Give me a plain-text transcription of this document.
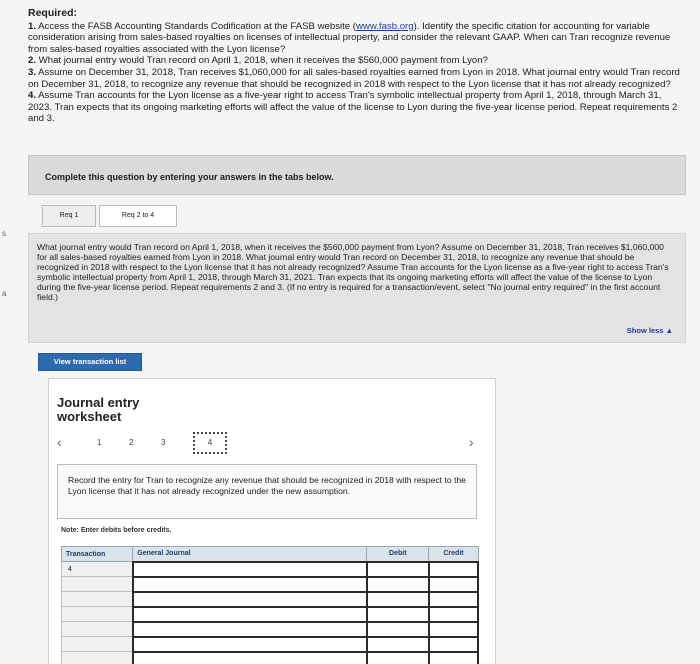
s
a
Required:
1. Access the FASB Accounting Standards Codification at the FASB website (www.fasb.org). Identify the specific citation for accounting for variable consideration arising from sales-based royalties on licenses of intellectual property, and consider the relevant GAAP. When can Tran recognize revenue from sales-based royalties associated with the Lyon license?
2. What journal entry would Tran record on April 1, 2018, when it receives the $560,000 payment from Lyon?
3. Assume on December 31, 2018, Tran receives $1,060,000 for all sales-based royalties earned from Lyon in 2018. What journal entry would Tran record on December 31, 2018, to recognize any revenue that should be recognized in 2018 with respect to the Lyon license that it has not already recognized?
4. Assume Tran accounts for the Lyon license as a five-year right to access Tran's symbolic intellectual property from April 1, 2018, through March 31, 2023. Tran expects that its ongoing marketing efforts will affect the value of the license to Lyon during the five-year license period. Repeat requirements 2 and 3.
Complete this question by entering your answers in the tabs below.
Req 1	Req 2 to 4
What journal entry would Tran record on April 1, 2018, when it receives the $560,000 payment from Lyon? Assume on December 31, 2018, Tran receives $1,060,000 for all sales-based royalties earned from Lyon in 2018. What journal entry would Tran record on December 31, 2018, to recognize any revenue that should be recognized in 2018 with respect to the Lyon license that it has not already recognized? Assume Tran accounts for the Lyon license as a five-year right to access Tran's symbolic intellectual property from April 1, 2018, through March 31, 2021. Tran expects that its ongoing marketing efforts will affect the value of the license to Lyon during the five-year license period. Repeat requirements 2 and 3. (If no entry is required for a transaction/event, select "No journal entry required" in the first account field.)
Show less ▲
View transaction list
Journal entry
worksheet
‹	1	2	3	4	›
Record the entry for Tran to recognize any revenue that should be recognized in 2018 with respect to the Lyon license that it has not already recognized under the new assumption.
Note: Enter debits before credits.
Transaction	General Journal	Debit	Credit
4			
